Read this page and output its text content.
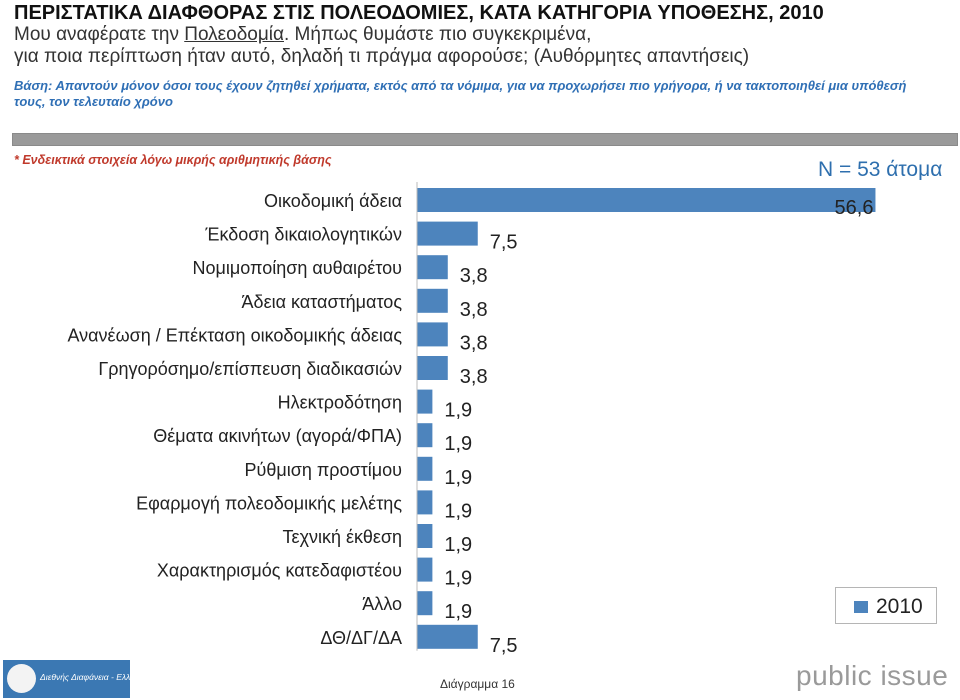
ΠΕΡΙΣΤΑΤΙΚΑ ΔΙΑΦΘΟΡΑΣ ΣΤΙΣ ΠΟΛΕΟΔΟΜΙΕΣ, ΚΑΤΑ ΚΑΤΗΓΟΡΙΑ ΥΠΟΘΕΣΗΣ, 2010
Μου αναφέρατε την Πολεοδομία. Μήπως θυμάστε πιο συγκεκριμένα,
για ποια περίπτωση ήταν αυτό, δηλαδή τι πράγμα αφορούσε; (Αυθόρμητες απαντήσεις)
Βάση: Απαντούν μόνον όσοι τους έχουν ζητηθεί χρήματα, εκτός από τα νόμιμα, για να προχωρήσει πιο γρήγορα, ή να τακτοποιηθεί μια υπόθεσή τους, τον τελευταίο χρόνο
* Ενδεικτικά στοιχεία λόγω μικρής αριθμητικής βάσης	Ν = 53 άτομα
Οικοδομική άδεια	56,6
Έκδοση δικαιολογητικών	7,5
Νομιμοποίηση αυθαιρέτου	3,8
Άδεια καταστήματος	3,8
Ανανέωση / Επέκταση οικοδομικής άδειας	3,8
Γρηγορόσημο/επίσπευση διαδικασιών	3,8
Ηλεκτροδότηση 1,9
Θέματα ακινήτων (αγορά/ΦΠΑ) 1,9
Ρύθμιση προστίμου 1,9
Εφαρμογή πολεοδομικής μελέτης 1,9
Τεχνική έκθεση 1,9
Χαρακτηρισμός κατεδαφιστέου 1,9
Άλλο 1,9
ΔΘ/ΔΓ/ΔΑ	7,5
2010
Διεθνής Διαφάνεια - Ελλάς	Διάγραμμα 16	public issue
